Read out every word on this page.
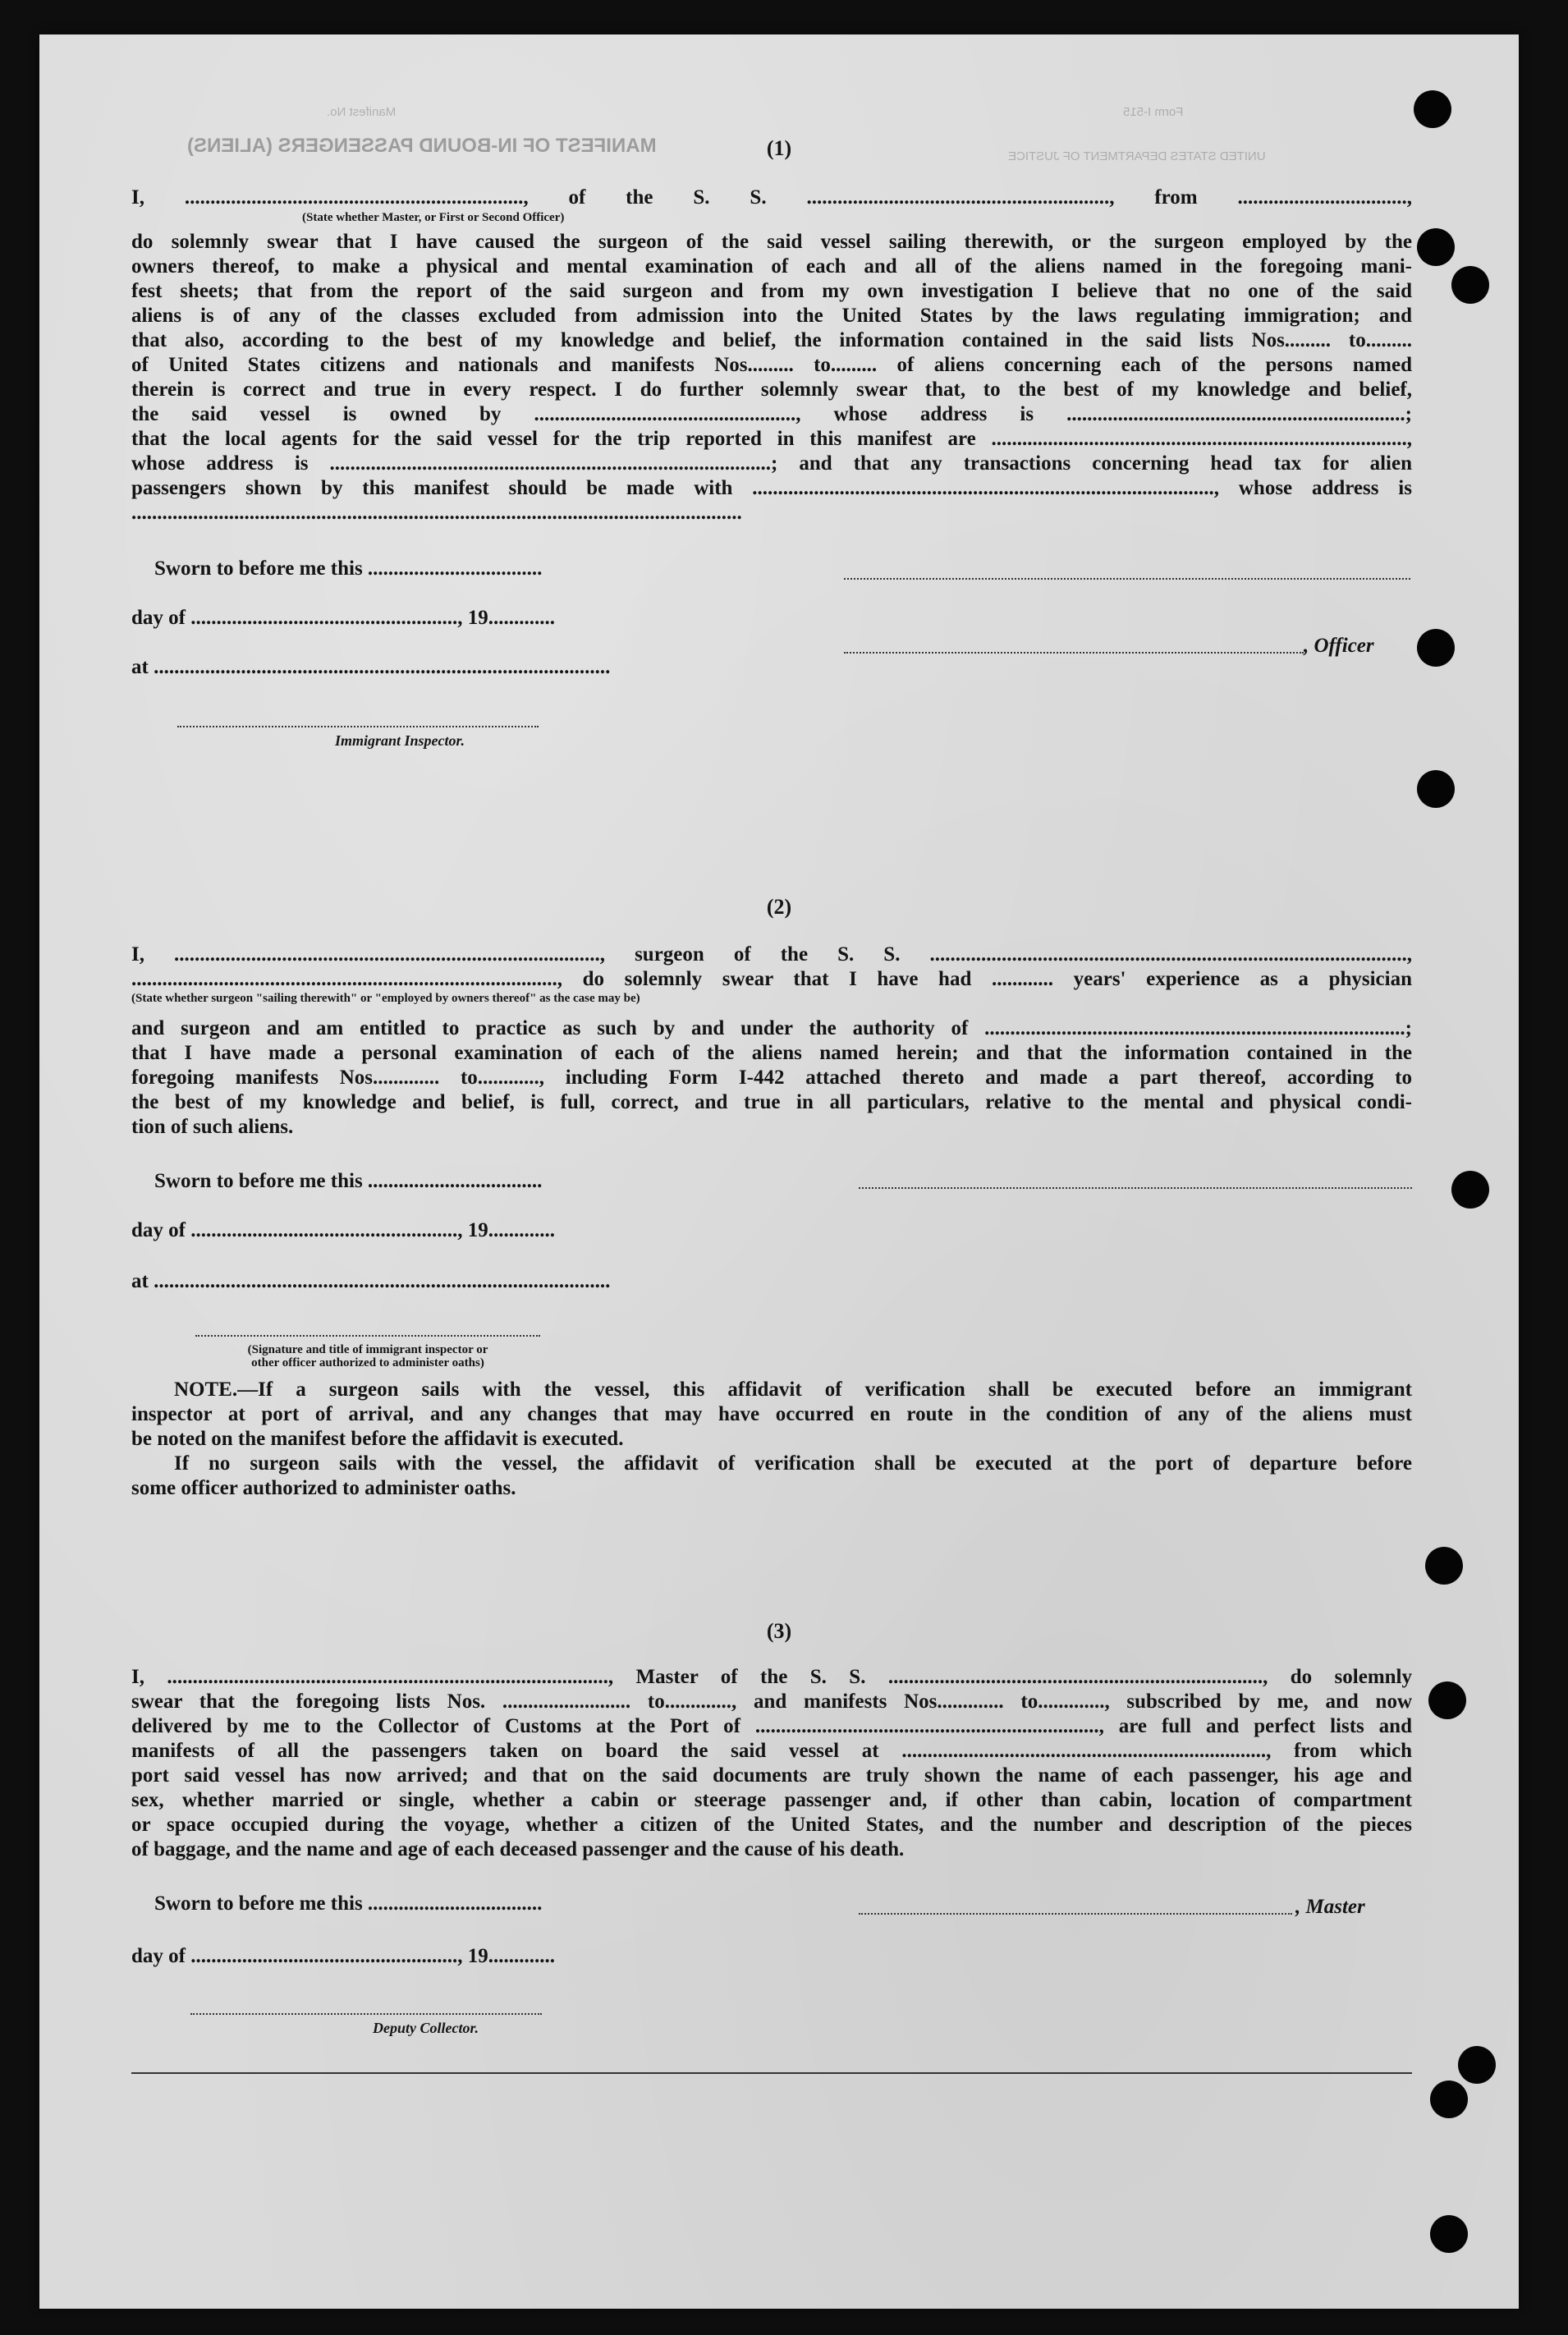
MANIFEST OF IN-BOUND PASSENGERS (ALIENS)
Manifest No.	Form I-515
UNITED STATES DEPARTMENT OF JUSTICE
(1)

I, .................................................................., of the S. S. ..........................................................., from .................................,

(State whether Master, or First or Second Officer)

do solemnly swear that I have caused the surgeon of the said vessel sailing therewith, or the surgeon employed by the

owners thereof, to make a physical and mental examination of each and all of the aliens named in the foregoing mani-

fest sheets; that from the report of the said surgeon and from my own investigation I believe that no one of the said

aliens is of any of the classes excluded from admission into the United States by the laws regulating immigration; and

that also, according to the best of my knowledge and belief, the information contained in the said lists Nos......... to.........

of United States citizens and nationals and manifests Nos......... to......... of aliens concerning each of the persons named

therein is correct and true in every respect. I do further solemnly swear that, to the best of my knowledge and belief,

the said vessel is owned by ..................................................., whose address is ..................................................................;

that the local agents for the said vessel for the trip reported in this manifest are .................................................................................,

whose address is ......................................................................................; and that any transactions concerning head tax for alien

passengers shown by this manifest should be made with .........................................................................................., whose address is

.......................................................................................................................

Sworn to before me this ..................................
day of ...................................................., 19.............
at .........................................................................................
Immigrant Inspector.
, Officer
(2)

I, ..................................................................................., surgeon of the S. S. .............................................................................................,

..................................................................................., do solemnly swear that I have had ............ years' experience as a physician

(State whether surgeon "sailing therewith" or "employed by owners thereof" as the case may be)

and surgeon and am entitled to practice as such by and under the authority of ..................................................................................;

that I have made a personal examination of each of the aliens named herein; and that the information contained in the

foregoing manifests Nos............. to............, including Form I-442 attached thereto and made a part thereof, according to

the best of my knowledge and belief, is full, correct, and true in all particulars, relative to the mental and physical condi-

tion of such aliens.

Sworn to before me this ..................................
day of ...................................................., 19.............
at .........................................................................................
(Signature and title of immigrant inspector or
other officer authorized to administer oaths)

NOTE.—If a surgeon sails with the vessel, this affidavit of verification shall be executed before an immigrant

inspector at port of arrival, and any changes that may have occurred en route in the condition of any of the aliens must

be noted on the manifest before the affidavit is executed.

If no surgeon sails with the vessel, the affidavit of verification shall be executed at the port of departure before

some officer authorized to administer oaths.

(3)

I, ......................................................................................, Master of the S. S. ........................................................................., do solemnly

swear that the foregoing lists Nos. ......................... to............., and manifests Nos............. to............., subscribed by me, and now

delivered by me to the Collector of Customs at the Port of ..................................................................., are full and perfect lists and

manifests of all the passengers taken on board the said vessel at ......................................................................., from which

port said vessel has now arrived; and that on the said documents are truly shown the name of each passenger, his age and

sex, whether married or single, whether a cabin or steerage passenger and, if other than cabin, location of compartment

or space occupied during the voyage, whether a citizen of the United States, and the number and description of the pieces

of baggage, and the name and age of each deceased passenger and the cause of his death.

Sworn to before me this ..................................
day of ...................................................., 19.............
Deputy Collector.
, Master
